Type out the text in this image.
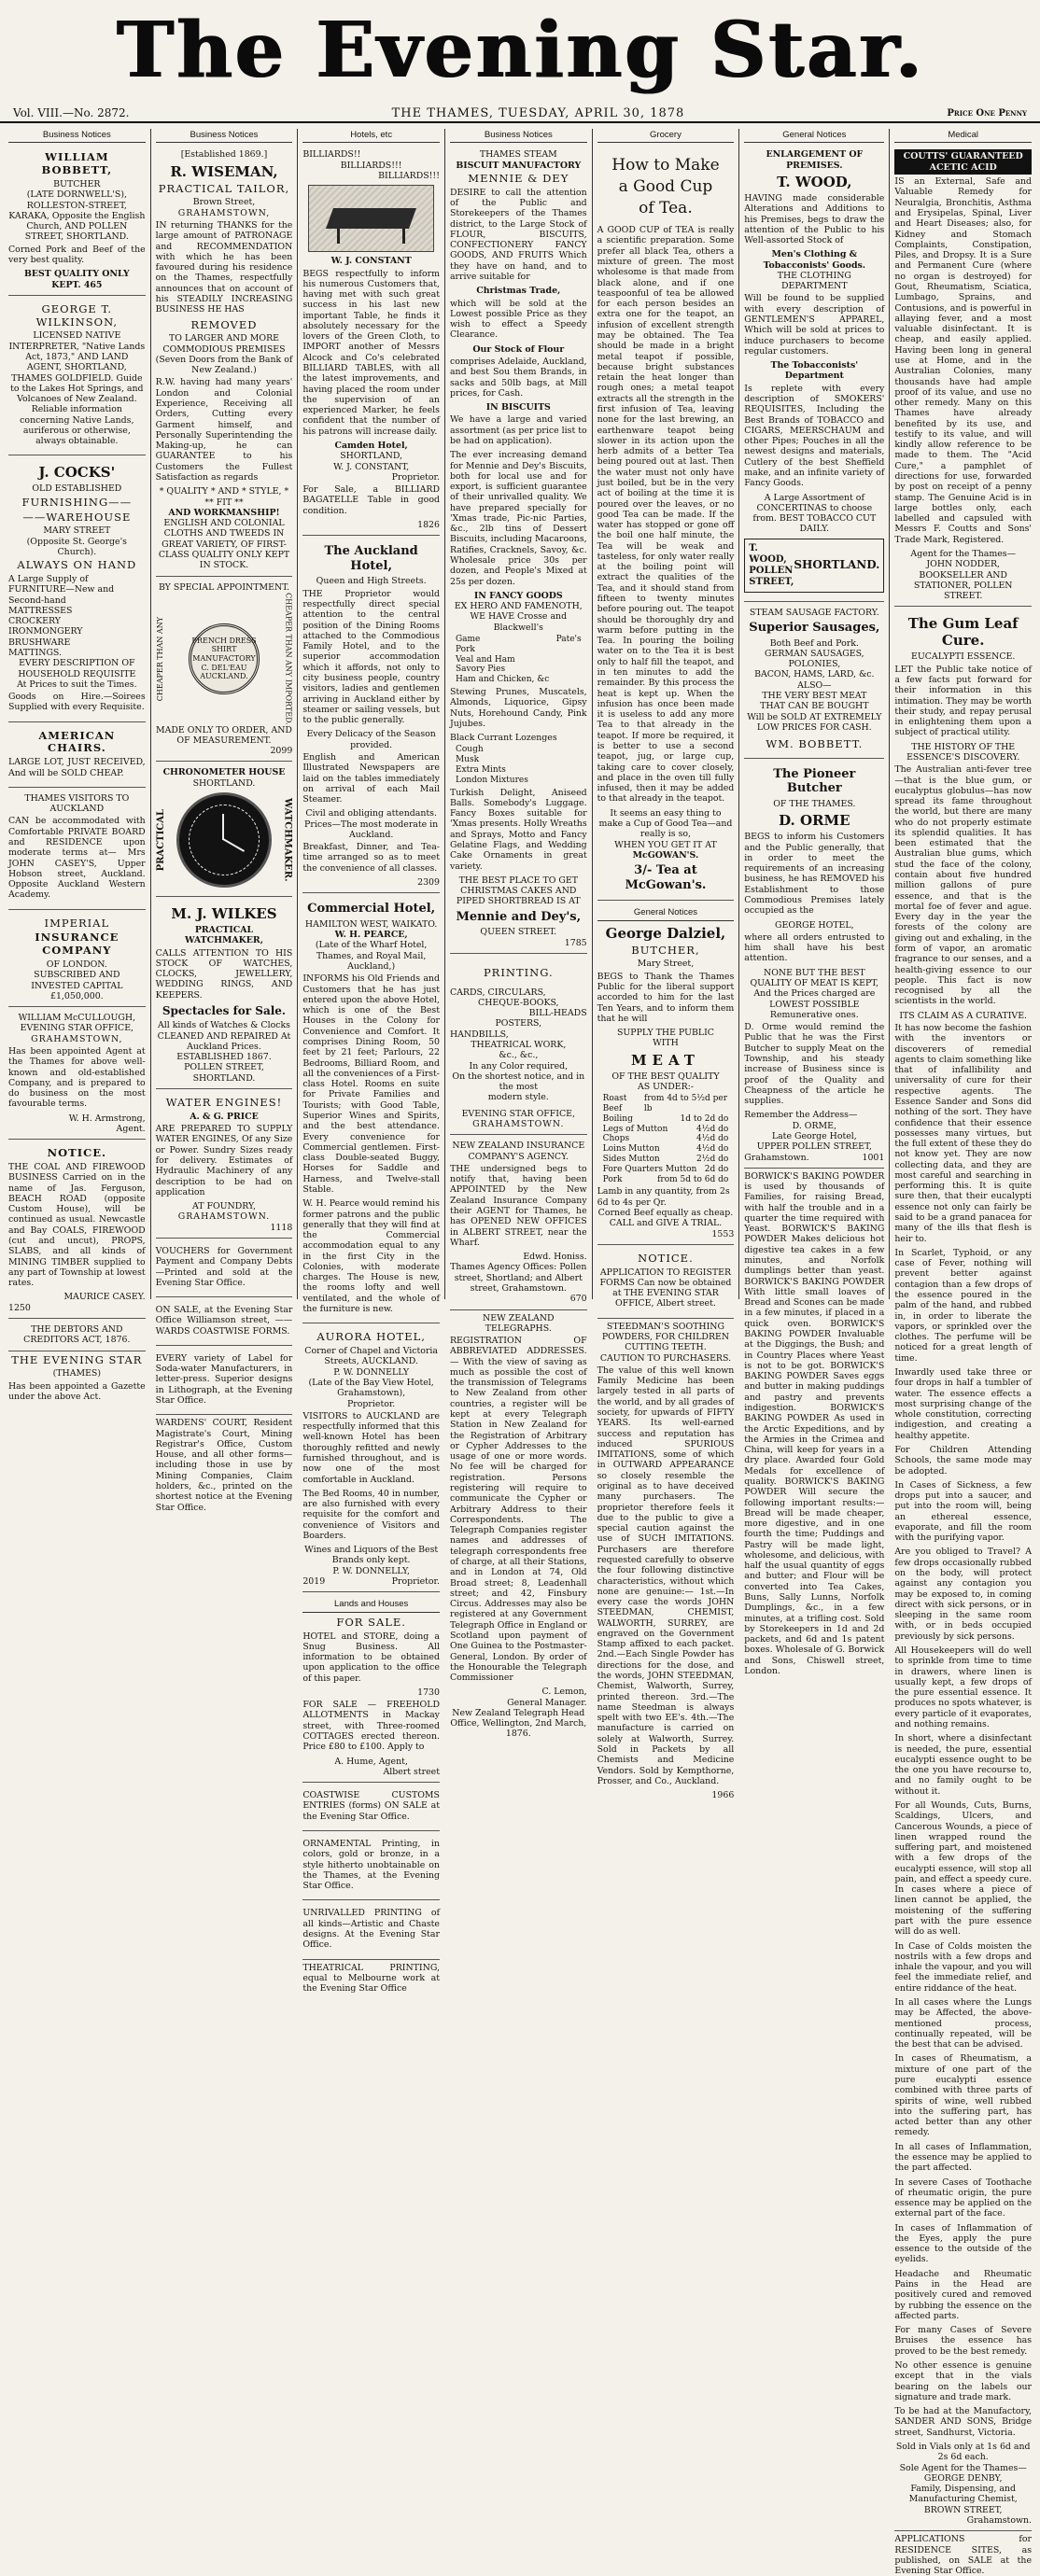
The Evening Star.
Vol. VIII.—No. 2872.	THE THAMES, TUESDAY, APRIL 30, 1878	Price One Penny
Business Notices
WILLIAM BOBBETT,
BUTCHER
(LATE DORNWELL'S),
ROLLESTON-STREET, KARAKA, Opposite the English Church, AND POLLEN STREET, SHORTLAND.

Corned Pork and Beef of the very best quality.

BEST QUALITY ONLY KEPT. 465
GEORGE T. WILKINSON,

LICENSED NATIVE INTERPRETER, "Native Lands Act, 1873," AND LAND AGENT, SHORTLAND, THAMES GOLDFIELD. Guide to the Lakes Hot Springs, and Volcanoes of New Zealand. Reliable information concerning Native Lands, auriferous or otherwise, always obtainable.

J. COCKS'
OLD ESTABLISHED
FURNISHING——
——WAREHOUSE
MARY STREET
(Opposite St. George's Church).
ALWAYS ON HAND
A Large Supply of
FURNITURE—New and Second-hand
MATTRESSES
CROCKERY
IRONMONGERY
BRUSHWARE
MATTINGS.
EVERY DESCRIPTION OF HOUSEHOLD REQUISITE
At Prices to suit the Times.

Goods on Hire.—Soirees Supplied with every Requisite.

AMERICAN CHAIRS.

LARGE LOT, JUST RECEIVED, And will be SOLD CHEAP.

THAMES VISITORS TO AUCKLAND

CAN be accommodated with Comfortable PRIVATE BOARD and RESIDENCE upon moderate terms at— Mrs JOHN CASEY'S, Upper Hobson street, Auckland. Opposite Auckland Western Academy.

IMPERIAL
INSURANCE COMPANY
OF LONDON.
SUBSCRIBED AND INVESTED CAPITAL £1,050,000.
WILLIAM McCULLOUGH,
EVENING STAR OFFICE,
GRAHAMSTOWN,

Has been appointed Agent at the Thames for above well-known and old-established Company, and is prepared to do business on the most favourable terms.

W. H. Armstrong,
Agent.
NOTICE.

THE COAL AND FIREWOOD BUSINESS Carried on in the name of Jas. Ferguson, BEACH ROAD (opposite Custom House), will be continued as usual. Newcastle and Bay COALS, FIREWOOD (cut and uncut), PROPS, SLABS, and all kinds of MINING TIMBER supplied to any part of Township at lowest rates.

MAURICE CASEY.
1250
THE DEBTORS AND CREDITORS ACT, 1876.
THE EVENING STAR
(THAMES)

Has been appointed a Gazette under the above Act.

Business Notices
[Established 1869.]
R. WISEMAN,
PRACTICAL TAILOR,
Brown Street,
GRAHAMSTOWN,

IN returning THANKS for the large amount of PATRONAGE and RECOMMENDATION with which he has been favoured during his residence on the Thames, respectfully announces that on account of his STEADILY INCREASING BUSINESS HE HAS

REMOVED
TO LARGER AND MORE COMMODIOUS PREMISES
(Seven Doors from the Bank of New Zealand.)

R.W. having had many years' London and Colonial Experience, Receiving all Orders, Cutting every Garment himself, and Personally Superintending the Making-up, he can GUARANTEE to his Customers the Fullest Satisfaction as regards

* QUALITY * AND * STYLE, *
** FIT **
AND WORKMANSHIP!
ENGLISH AND COLONIAL CLOTHS AND TWEEDS IN GREAT VARIETY, OF FIRST-CLASS QUALITY ONLY KEPT IN STOCK.
BY SPECIAL APPOINTMENT.
CHEAPER THAN ANY	FRENCH DRESS SHIRT MANUFACTORY C. DEL'EAU AUCKLAND.	CHEAPER THAN ANY IMPORTED.
MADE ONLY TO ORDER, AND OF MEASUREMENT.
2099
CHRONOMETER HOUSE
SHORTLAND.
PRACTICAL	WATCHMAKER.
M. J. WILKES
PRACTICAL WATCHMAKER,

CALLS ATTENTION TO HIS STOCK OF WATCHES, CLOCKS, JEWELLERY, WEDDING RINGS, AND KEEPERS.

Spectacles for Sale.
All kinds of Watches & Clocks CLEANED AND REPAIRED At Auckland Prices.
ESTABLISHED 1867.
POLLEN STREET, SHORTLAND.
WATER ENGINES!
A. & G. PRICE

ARE PREPARED TO SUPPLY WATER ENGINES, Of any Size or Power. Sundry Sizes ready for delivery. Estimates of Hydraulic Machinery of any description to be had on application

AT FOUNDRY,
GRAHAMSTOWN.
1118

VOUCHERS for Government Payment and Company Debts—Printed and sold at the Evening Star Office.

ON SALE, at the Evening Star Office Williamson street, ——WARDS COASTWISE FORMS.

EVERY variety of Label for Soda-water Manufacturers, in letter-press. Superior designs in Lithograph, at the Evening Star Office.

WARDENS' COURT, Resident Magistrate's Court, Mining Registrar's Office, Custom House, and all other forms—including those in use by Mining Companies, Claim holders, &c., printed on the shortest notice at the Evening Star Office.

Hotels, etc
BILLIARDS!!
BILLIARDS!!!
BILLIARDS!!!
W. J. CONSTANT

BEGS respectfully to inform his numerous Customers that, having met with such great success in his last new important Table, he finds it absolutely necessary for the lovers of the Green Cloth, to IMPORT another of Messrs Alcock and Co's celebrated BILLIARD TABLES, with all the latest improvements, and having placed the room under the supervision of an experienced Marker, he feels confident that the number of his patrons will increase daily.

Camden Hotel,
SHORTLAND,
W. J. CONSTANT,
Proprietor.

For Sale, a BILLIARD BAGATELLE Table in good condition.

1826
The Auckland Hotel,
Queen and High Streets.

THE Proprietor would respectfully direct special attention to the central position of the Dining Rooms attached to the Commodious Family Hotel, and to the superior accommodation which it affords, not only to city business people, country visitors, ladies and gentlemen arriving in Auckland either by steamer or sailing vessels, but to the public generally.

Every Delicacy of the Season provided.

English and American Illustrated Newspapers are laid on the tables immediately on arrival of each Mail Steamer.

Civil and obliging attendants.
Prices—The most moderate in Auckland.

Breakfast, Dinner, and Tea-time arranged so as to meet the convenience of all classes.

2309
Commercial Hotel,
HAMILTON WEST, WAIKATO.
W. H. PEARCE,
(Late of the Wharf Hotel, Thames, and Royal Mail, Auckland,)

INFORMS his Old Friends and Customers that he has just entered upon the above Hotel, which is one of the Best Houses in the Colony for Convenience and Comfort. It comprises Dining Room, 50 feet by 21 feet; Parlours, 22 Bedrooms, Billiard Room, and all the conveniences of a First-class Hotel. Rooms en suite for Private Families and Tourists; with Good Table, Superior Wines and Spirits, and the best attendance. Every convenience for Commercial gentlemen. First-class Double-seated Buggy, Horses for Saddle and Harness, and Twelve-stall Stable.

W. H. Pearce would remind his former patrons and the public generally that they will find at the Commercial accommodation equal to any in the first City in the Colonies, with moderate charges. The House is new, the rooms lofty and well ventilated, and the whole of the furniture is new.

AURORA HOTEL,
Corner of Chapel and Victoria Streets, AUCKLAND.
P. W. DONNELLY
(Late of the Bay View Hotel, Grahamstown),
Proprietor.

VISITORS to AUCKLAND are respectfully informed that this well-known Hotel has been thoroughly refitted and newly furnished throughout, and is now one of the most comfortable in Auckland.

The Bed Rooms, 40 in number, are also furnished with every requisite for the comfort and convenience of Visitors and Boarders.

Wines and Liquors of the Best Brands only kept.
P. W. DONNELLY,
2019	Proprietor.
Lands and Houses
FOR SALE.

HOTEL and STORE, doing a Snug Business. All information to be obtained upon application to the office of this paper.

1730

FOR SALE — FREEHOLD ALLOTMENTS in Mackay street, with Three-roomed COTTAGES erected thereon. Price £80 to £100. Apply to

A. Hume, Agent,
Albert street

COASTWISE CUSTOMS ENTRIES (forms) ON SALE at the Evening Star Office.

ORNAMENTAL Printing, in colors, gold or bronze, in a style hitherto unobtainable on the Thames, at the Evening Star Office.

UNRIVALLED PRINTING of all kinds—Artistic and Chaste designs. At the Evening Star Office.

THEATRICAL PRINTING, equal to Melbourne work at the Evening Star Office

Business Notices
THAMES STEAM
BISCUIT MANUFACTORY
MENNIE & DEY

DESIRE to call the attention of the Public and Storekeepers of the Thames district, to the Large Stock of FLOUR, BISCUITS, CONFECTIONERY FANCY GOODS, AND FRUITS Which they have on hand, and to arrive suitable for

Christmas Trade,

which will be sold at the Lowest possible Price as they wish to effect a Speedy Clearance.

Our Stock of Flour

comprises Adelaide, Auckland, and best Sou them Brands, in sacks and 50lb bags, at Mill prices, for Cash.

IN BISCUITS

We have a large and varied assortment (as per price list to be had on application).

The ever increasing demand for Mennie and Dey's Biscuits, both for local use and for export, is sufficient guarantee of their unrivalled quality. We have prepared specially for 'Xmas trade, Pic-nic Parties, &c., 2lb tins of Dessert Biscuits, including Macaroons, Ratifies, Cracknels, Savoy, &c. Wholesale price 30s per dozen, and People's Mixed at 25s per dozen.

IN FANCY GOODS
EX HERO AND FAMENOTH, WE HAVE Crosse and Blackwell's
Game	Pate's
Pork
Veal and Ham
Savory Pies
Ham and Chicken, &c

Stewing Prunes, Muscatels, Almonds, Liquorice, Gipsy Nuts, Horehound Candy, Pink Jujubes.

Black Currant Lozenges
Cough
Musk
Extra Mints
London Mixtures

Turkish Delight, Aniseed Balls. Somebody's Luggage. Fancy Boxes suitable for 'Xmas presents. Holly Wreaths and Sprays, Motto and Fancy Gelatine Flags, and Wedding Cake Ornaments in great variety.

THE BEST PLACE TO GET CHRISTMAS CAKES AND PIPED SHORTBREAD IS AT
Mennie and Dey's,
QUEEN STREET.
1785
PRINTING.
CARDS, CIRCULARS,
CHEQUE-BOOKS,
BILL-HEADS
POSTERS,
HANDBILLS,
THEATRICAL WORK,
&c., &c.,
In any Color required,
On the shortest notice, and in the most
modern style.
EVENING STAR OFFICE,
GRAHAMSTOWN.
NEW ZEALAND INSURANCE COMPANY'S AGENCY.

THE undersigned begs to notify that, having been APPOINTED by the New Zealand Insurance Company their AGENT for Thames, he has OPENED NEW OFFICES in ALBERT STREET, near the Wharf.

Edwd. Honiss.
Thames Agency Offices: Pollen street, Shortland; and Albert street, Grahamstown.
670
NEW ZEALAND TELEGRAPHS.

REGISTRATION OF ABBREVIATED ADDRESSES. — With the view of saving as much as possible the cost of the transmission of Telegrams to New Zealand from other countries, a register will be kept at every Telegraph Station in New Zealand for the Registration of Arbitrary or Cypher Addresses to the usage of one or more words. No fee will be charged for registration. Persons registering will require to communicate the Cypher or Arbitrary Address to their Correspondents. The Telegraph Companies register names and addresses of telegraph correspondents free of charge, at all their Stations, and in London at 74, Old Broad street; 8, Leadenhall street; and 42, Finsbury Circus. Addresses may also be registered at any Government Telegraph Office in England or Scotland upon payment of One Guinea to the Postmaster-General, London. By order of the Honourable the Telegraph Commissioner

C. Lemon,
General Manager.
New Zealand Telegraph Head Office, Wellington, 2nd March, 1876.
Grocery
How to Make
a Good Cup
of Tea.

A GOOD CUP of TEA is really a scientific preparation. Some prefer all black Tea, others a mixture of green. The most wholesome is that made from black alone, and if one teaspoonful of tea be allowed for each person besides an extra one for the teapot, an infusion of excellent strength may be obtained. The Tea should be made in a bright metal teapot if possible, because bright substances retain the heat longer than rough ones; a metal teapot extracts all the strength in the first infusion of Tea, leaving none for the last brewing, an earthenware teapot being slower in its action upon the herb admits of a better Tea being poured out at last. Then the water must not only have just boiled, but be in the very act of boiling at the time it is poured over the leaves, or no good Tea can be made. If the water has stopped or gone off the boil one half minute, the Tea will be weak and tasteless, for only water really at the boiling point will extract the qualities of the Tea, and it should stand from fifteen to twenty minutes before pouring out. The teapot should be thoroughly dry and warm before putting in the Tea. In pouring the boiling water on to the Tea it is best only to half fill the teapot, and in ten minutes to add the remainder. By this process the heat is kept up. When the infusion has once been made it is useless to add any more Tea to that already in the teapot. If more be required, it is better to use a second teapot, jug, or large cup, taking care to cover closely, and place in the oven till fully infused, then it may be added to that already in the teapot.

It seems an easy thing to make a Cup of Good Tea—and really is so,
WHEN YOU GET IT AT
McGOWAN'S.
3/- Tea at McGowan's.
General Notices
George Dalziel,
BUTCHER,
Mary Street,

BEGS to Thank the Thames Public for the liberal support accorded to him for the last Ten Years, and to inform them that he will

SUPPLY THE PUBLIC
WITH
MEAT
OF THE BEST QUALITY
AS UNDER:-
Roast Beef
from 4d to 5½d per lb
Boiling	1d to 2d do
Legs of Mutton	4½d do
Chops	4½d do
Loins Mutton	4½d do
Sides Mutton	2½d do
Fore Quarters Mutton 2d do
Pork	from 5d to 6d do
Lamb in any quantity, from 2s 6d to 4s per Qr.
Corned Beef equally as cheap.
CALL and GIVE A TRIAL.
1553
NOTICE.

APPLICATION TO REGISTER FORMS Can now be obtained at THE EVENING STAR OFFICE, Albert street.

STEEDMAN'S SOOTHING POWDERS, FOR CHILDREN CUTTING TEETH.
CAUTION TO PURCHASERS.

The value of this well known Family Medicine has been largely tested in all parts of the world, and by all grades of society, for upwards of FIFTY YEARS. Its well-earned success and reputation has induced SPURIOUS IMITATIONS, some of which in OUTWARD APPEARANCE so closely resemble the original as to have deceived many purchasers. The proprietor therefore feels it due to the public to give a special caution against the use of SUCH IMITATIONS. Purchasers are therefore requested carefully to observe the four following distinctive characteristics, without which none are genuine:— 1st.—In every case the words JOHN STEEDMAN, CHEMIST, WALWORTH, SURREY, are engraved on the Government Stamp affixed to each packet. 2nd.—Each Single Powder has directions for the dose, and the words, JOHN STEEDMAN, Chemist, Walworth, Surrey, printed thereon. 3rd.—The name Steedman is always spelt with two EE's. 4th.—The manufacture is carried on solely at Walworth, Surrey. Sold in Packets by all Chemists and Medicine Vendors. Sold by Kempthorne, Prosser, and Co., Auckland.

1966
General Notices
ENLARGEMENT OF PREMISES.
T. WOOD,

HAVING made considerable Alterations and Additions to his Premises, begs to draw the attention of the Public to his Well-assorted Stock of

Men's Clothing & Tobacconists' Goods.
THE CLOTHING DEPARTMENT

Will be found to be supplied with every description of GENTLEMEN'S APPAREL, Which will be sold at prices to induce purchasers to become regular customers.

The Tobacconists' Department

Is replete with every description of SMOKERS' REQUISITES, Including the Best Brands of TOBACCO and CIGARS, MEERSCHAUM and other Pipes; Pouches in all the newest designs and materials, Cutlery of the best Sheffield make, and an infinite variety of Fancy Goods.

A Large Assortment of CONCERTINAS to choose from. BEST TOBACCO CUT DAILY.

T. WOOD,
POLLEN STREET,
SHORTLAND.
STEAM SAUSAGE FACTORY.
Superior Sausages,
Both Beef and Pork.
GERMAN SAUSAGES, POLONIES,
BACON, HAMS, LARD, &c.
ALSO—
THE VERY BEST MEAT
THAT CAN BE BOUGHT
Will be SOLD AT EXTREMELY LOW PRICES FOR CASH.
WM. BOBBETT.
The Pioneer Butcher
OF THE THAMES.
D. ORME

BEGS to inform his Customers and the Public generally, that in order to meet the requirements of an increasing business, he has REMOVED his Establishment to those Commodious Premises lately occupied as the

GEORGE HOTEL,

where all orders entrusted to him shall have his best attention.

NONE BUT THE BEST QUALITY OF MEAT IS KEPT,
And the Prices charged are LOWEST POSSIBLE Remunerative ones.

D. Orme would remind the Public that he was the First Butcher to supply Meat on the Township, and his steady increase of Business since is proof of the Quality and Cheapness of the article he supplies.

Remember the Address—
D. ORME,
Late George Hotel,
UPPER POLLEN STREET,
Grahamstown.	1001

BORWICK'S BAKING POWDER is used by thousands of Families, for raising Bread, with half the trouble and in a quarter the time required with Yeast. BORWICK'S BAKING POWDER Makes delicious hot digestive tea cakes in a few minutes, and Norfolk dumplings better than yeast. BORWICK'S BAKING POWDER With little small loaves of Bread and Scones can be made in a few minutes, if placed in a quick oven. BORWICK'S BAKING POWDER Invaluable at the Diggings, the Bush; and in Country Places where Yeast is not to be got. BORWICK'S BAKING POWDER Saves eggs and butter in making puddings and pastry and prevents indigestion. BORWICK'S BAKING POWDER As used in the Arctic Expeditions, and by the Armies in the Crimea and China, will keep for years in a dry place. Awarded four Gold Medals for excellence of quality. BORWICK'S BAKING POWDER Will secure the following important results:— Bread will be made cheaper, more digestive, and in one fourth the time; Puddings and Pastry will be made light, wholesome, and delicious, with half the usual quantity of eggs and butter; and Flour will be converted into Tea Cakes, Buns, Sally Lunns, Norfolk Dumplings, &c., in a few minutes, at a trifling cost. Sold by Storekeepers in 1d and 2d packets, and 6d and 1s patent boxes. Wholesale of G. Borwick and Sons, Chiswell street, London.

Medical
COUTTS' GUARANTEED ACETIC ACID

IS an External, Safe and Valuable Remedy for Neuralgia, Bronchitis, Asthma and Erysipelas, Spinal, Liver and Heart Diseases; also, for Kidney and Stomach Complaints, Constipation, Piles, and Dropsy. It is a Sure and Permanent Cure (where no organ is destroyed) for Gout, Rheumatism, Sciatica, Lumbago, Sprains, and Contusions, and is powerful in allaying fever, and a most valuable disinfectant. It is cheap, and easily applied. Having been long in general use at Home, and in the Australian Colonies, many thousands have had ample proof of its value, and use no other remedy. Many on this Thames have already benefited by its use, and testify to its value, and will kindly allow reference to be made to them. The "Acid Cure," a pamphlet of directions for use, forwarded by post on receipt of a penny stamp. The Genuine Acid is in large bottles only, each labelled and capsuled with Messrs F. Coutts and Sons' Trade Mark, Registered.

Agent for the Thames—
JOHN NODDER,
BOOKSELLER AND STATIONER, POLLEN STREET.
The Gum Leaf Cure.
EUCALYPTI ESSENCE.

LET the Public take notice of a few facts put forward for their information in this intimation. They may be worth their study, and repay perusal in enlightening them upon a subject of practical utility.

THE HISTORY OF THE ESSENCE'S DISCOVERY.

The Australian anti-fever tree—that is the blue gum, or eucalyptus globulus—has now spread its fame throughout the world, but there are many who do not properly estimate its splendid qualities. It has been estimated that the Australian blue gums, which stud the face of the colony, contain about five hundred million gallons of pure essence, and that is the mortal foe of fever and ague. Every day in the year the forests of the colony are giving out and exhaling, in the form of vapor, an aromatic fragrance to our senses, and a health-giving essence to our people. This fact is now recognised by all the scientists in the world.

ITS CLAIM AS A CURATIVE.

It has now become the fashion with the inventors or discoverers of remedial agents to claim something like that of infallibility and universality of cure for their respective agents. The Essence Sander and Sons did nothing of the sort. They have confidence that their essence possesses many virtues, but the full extent of these they do not know yet. They are now collecting data, and they are most careful and searching in performing this. It is quite sure then, that their eucalypti essence not only can fairly be said to be a grand panacea for many of the ills that flesh is heir to.

In Scarlet, Typhoid, or any case of Fever, nothing will prevent better against contagion than a few drops of the essence poured in the palm of the hand, and rubbed in, in order to liberate the vapors, or sprinkled over the clothes. The perfume will be noticed for a great length of time.

Inwardly used take three or four drops in half a tumbler of water. The essence effects a most surprising change of the whole constitution, correcting indigestion, and creating a healthy appetite.

For Children Attending Schools, the same mode may be adopted.

In Cases of Sickness, a few drops put into a saucer, and put into the room will, being an ethereal essence, evaporate, and fill the room with the purifying vapor.

Are you obliged to Travel? A few drops occasionally rubbed on the body, will protect against any contagion you may be exposed to, in coming direct with sick persons, or in sleeping in the same room with, or in beds occupied previously by sick persons.

All Housekeepers will do well to sprinkle from time to time in drawers, where linen is usually kept, a few drops of the pure essential essence. It produces no spots whatever, is every particle of it evaporates, and nothing remains.

In short, where a disinfectant is needed, the pure, essential eucalypti essence ought to be the one you have recourse to, and no family ought to be without it.

For all Wounds, Cuts, Burns, Scaldings, Ulcers, and Cancerous Wounds, a piece of linen wrapped round the suffering part, and moistened with a few drops of the eucalypti essence, will stop all pain, and effect a speedy cure. In cases where a piece of linen cannot be applied, the moistening of the suffering part with the pure essence will do as well.

In Case of Colds moisten the nostrils with a few drops and inhale the vapour, and you will feel the immediate relief, and entire riddance of the heat.

In all cases where the Lungs may be Affected, the above-mentioned process, continually repeated, will be the best that can be advised.

In cases of Rheumatism, a mixture of one part of the pure eucalypti essence combined with three parts of spirits of wine, well rubbed into the suffering part, has acted better than any other remedy.

In all cases of Inflammation, the essence may be applied to the part affected.

In severe Cases of Toothache of rheumatic origin, the pure essence may be applied on the external part of the face.

In cases of Inflammation of the Eyes, apply the pure essence to the outside of the eyelids.

Headache and Rheumatic Pains in the Head are positively cured and removed by rubbing the essence on the affected parts.

For many Cases of Severe Bruises the essence has proved to be the best remedy.

No other essence is genuine except that in the vials bearing on the labels our signature and trade mark.

To be had at the Manufactory, SANDER AND SONS, Bridge street, Sandhurst, Victoria.

Sold in Vials only at 1s 6d and 2s 6d each.
Sole Agent for the Thames—
GEORGE DENBY,
Family, Dispensing, and Manufacturing Chemist,
BROWN STREET,
Grahamstown.

APPLICATIONS for RESIDENCE SITES, as published, on SALE at the Evening Star Office.
